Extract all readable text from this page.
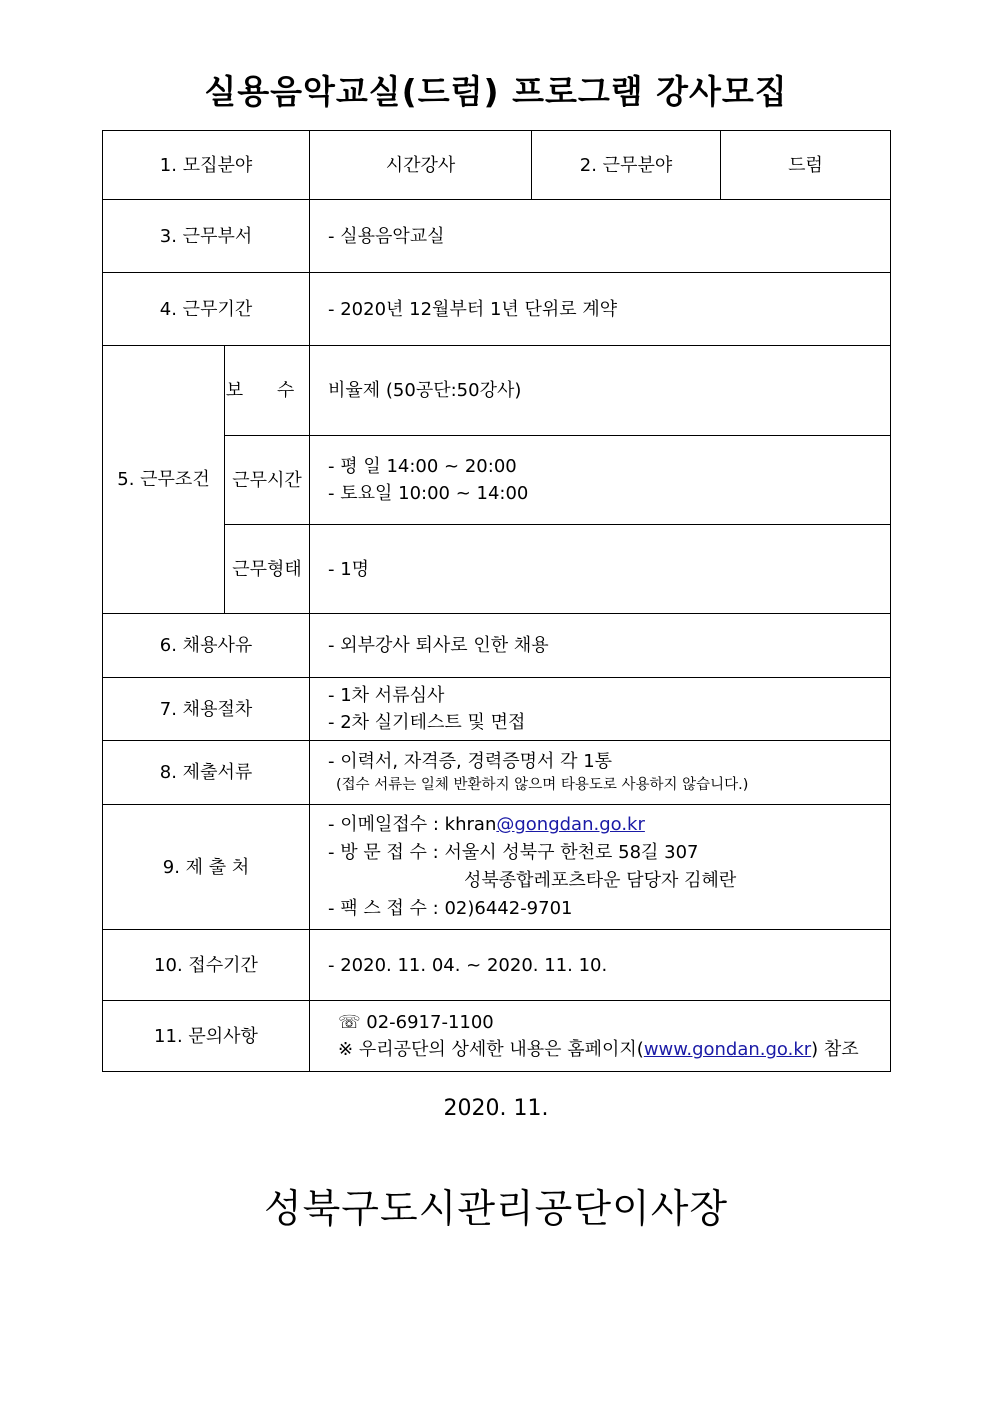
실용음악교실(드럼) 프로그램 강사모집
1. 모집분야		시간강사	2. 근무분야	드럼
3. 근무부서		- 실용음악교실		
4. 근무기간		- 2020년 12월부터 1년 단위로 계약		
5. 근무조건	보 수	비율제 (50공단:50강사)		
	근무시간	- 평 일 14:00 ~ 20:00
- 토요일 10:00 ~ 14:00		

	근무형태	- 1명		
6. 채용사유		- 외부강사 퇴사로 인한 채용		
7. 채용절차		- 1차 서류심사
- 2차 실기테스트 및 면접		

8. 제출서류		- 이력서, 자격증, 경력증명서 각 1통
(접수 서류는 일체 반환하지 않으며 타용도로 사용하지 않습니다.)		

9. 제 출 처		- 이메일접수 : khran@gongdan.go.kr
- 방 문 접 수 : 서울시 성북구 한천로 58길 307
성북종합레포츠타운 담당자 김혜란
- 팩 스 접 수 : 02)6442-9701		

10. 접수기간		- 2020. 11. 04. ~ 2020. 11. 10.		
11. 문의사항		☏ 02-6917-1100
※ 우리공단의 상세한 내용은 홈페이지(www.gondan.go.kr) 참조		
2020. 11.
성북구도시관리공단이사장
